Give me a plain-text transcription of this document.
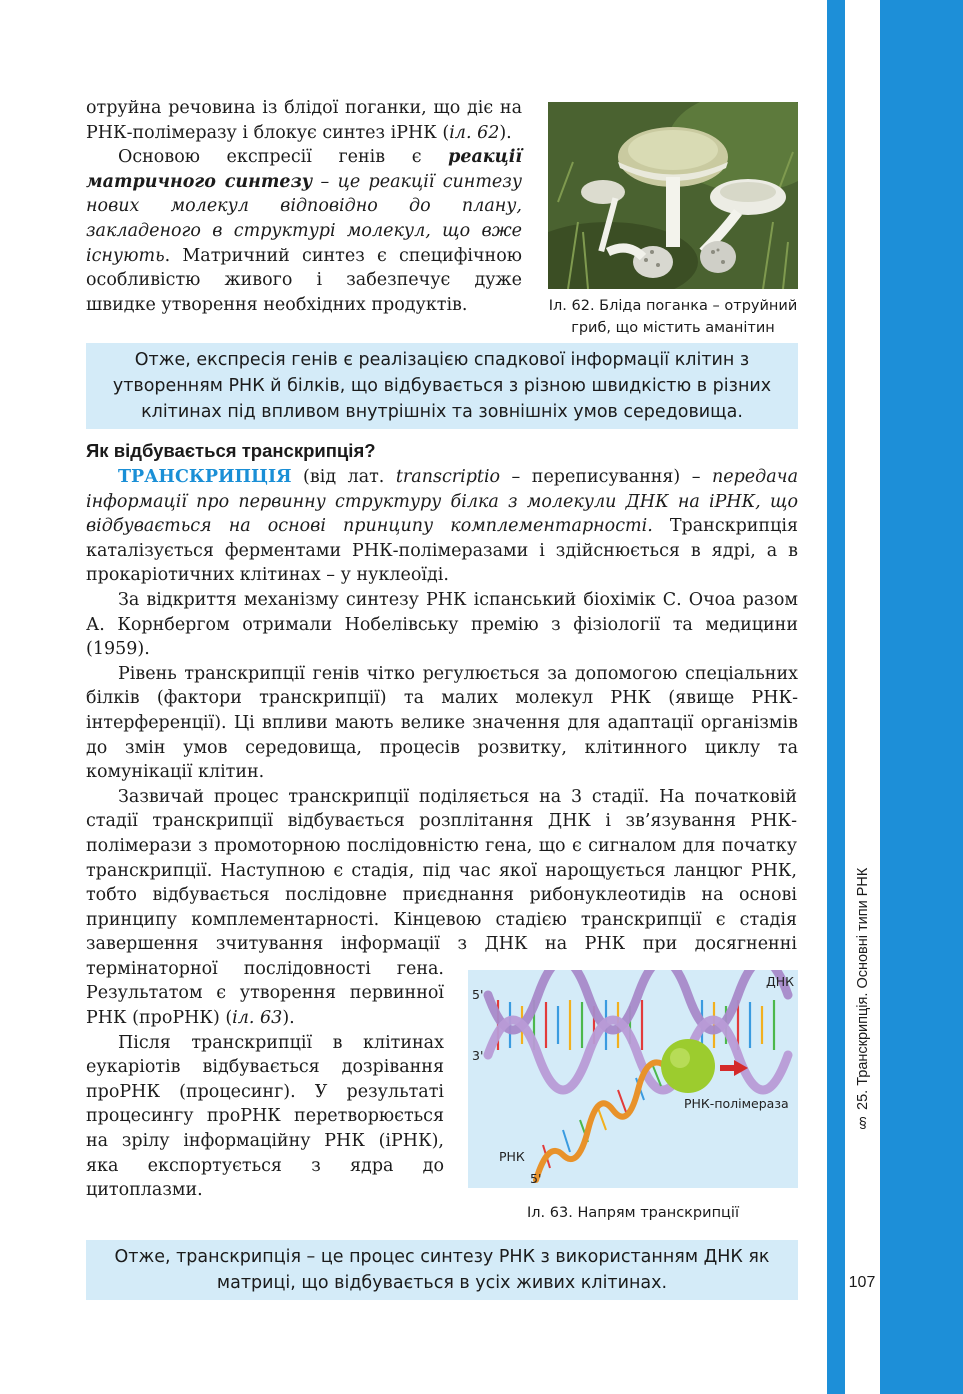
§ 25. Транскрипція. Основні типи РНК
107
Іл. 62. Бліда поганка – отруйний гриб, що містить аманітин

отруйна речовина із блідої поганки, що діє на РНК-полімеразу і блокує синтез іРНК (іл. 62).

Основою експресії генів є реакції матричного синтезу – це реакції синтезу нових молекул відповідно до плану, закладеного в структурі молекул, що вже існують. Матричний синтез є специфічною особливістю живого і забезпечує дуже швидке утворення необхідних продуктів.

Отже, експресія генів є реалізацією спадкової інформації клітин з утворенням РНК й білків, що відбувається з різною швидкістю в різних клітинах під впливом внутрішніх та зовнішніх умов середовища.
Як відбувається транскрипція?

ТРАНСКРИПЦІЯ (від лат. transcriptio – переписування) – передача інформації про первинну структуру білка з молекули ДНК на іРНК, що відбувається на основі принципу комплементарності. Транскрипція каталізується ферментами РНК-полімеразами і здійснюється в ядрі, а в прокаріотичних клітинах – у нуклеоїді.

За відкриття механізму синтезу РНК іспанський біохімік С. Очоа разом А. Корнбергом отримали Нобелівську премію з фізіології та медицини (1959).

Рівень транскрипції генів чітко регулюється за допомогою спеціальних білків (фактори транскрипції) та малих молекул РНК (явище РНК-інтерференції). Ці впливи мають велике значення для адаптації організмів до змін умов середовища, процесів розвитку, клітинного циклу та комунікації клітин.

Зазвичай процес транскрипції поділяється на 3 стадії. На початковій стадії транскрипції відбувається розплітання ДНК і зв’язування РНК-полімерази з промоторною послідовністю гена, що є сигналом для початку транскрипції. Наступною є стадія, під час якої нарощується ланцюг РНК, тобто відбувається послідовне приєднання рибонуклеотидів на основі принципу комплементарності. Кінцевою стадією транскрипції є стадія завершення зчитування інформації з ДНК на РНК при досягненні термінаторної послідовності гена. Результатом є утворення первинної РНК (проРНК) (іл. 63).

Після транскрипції в клітинах еукаріотів відбувається дозрівання проРНК (процесинг). У результаті процесингу проРНК перетворюється на зрілу інформаційну РНК (іРНК), яка експортується з ядра до цитоплазми.

Отже, транскрипція – це процес синтезу РНК з використанням ДНК як матриці, що відбувається в усіх живих клітинах.
ДНК
5'
3'
РНК-полімераза
РНК
5'
Іл. 63. Напрям транскрипції
